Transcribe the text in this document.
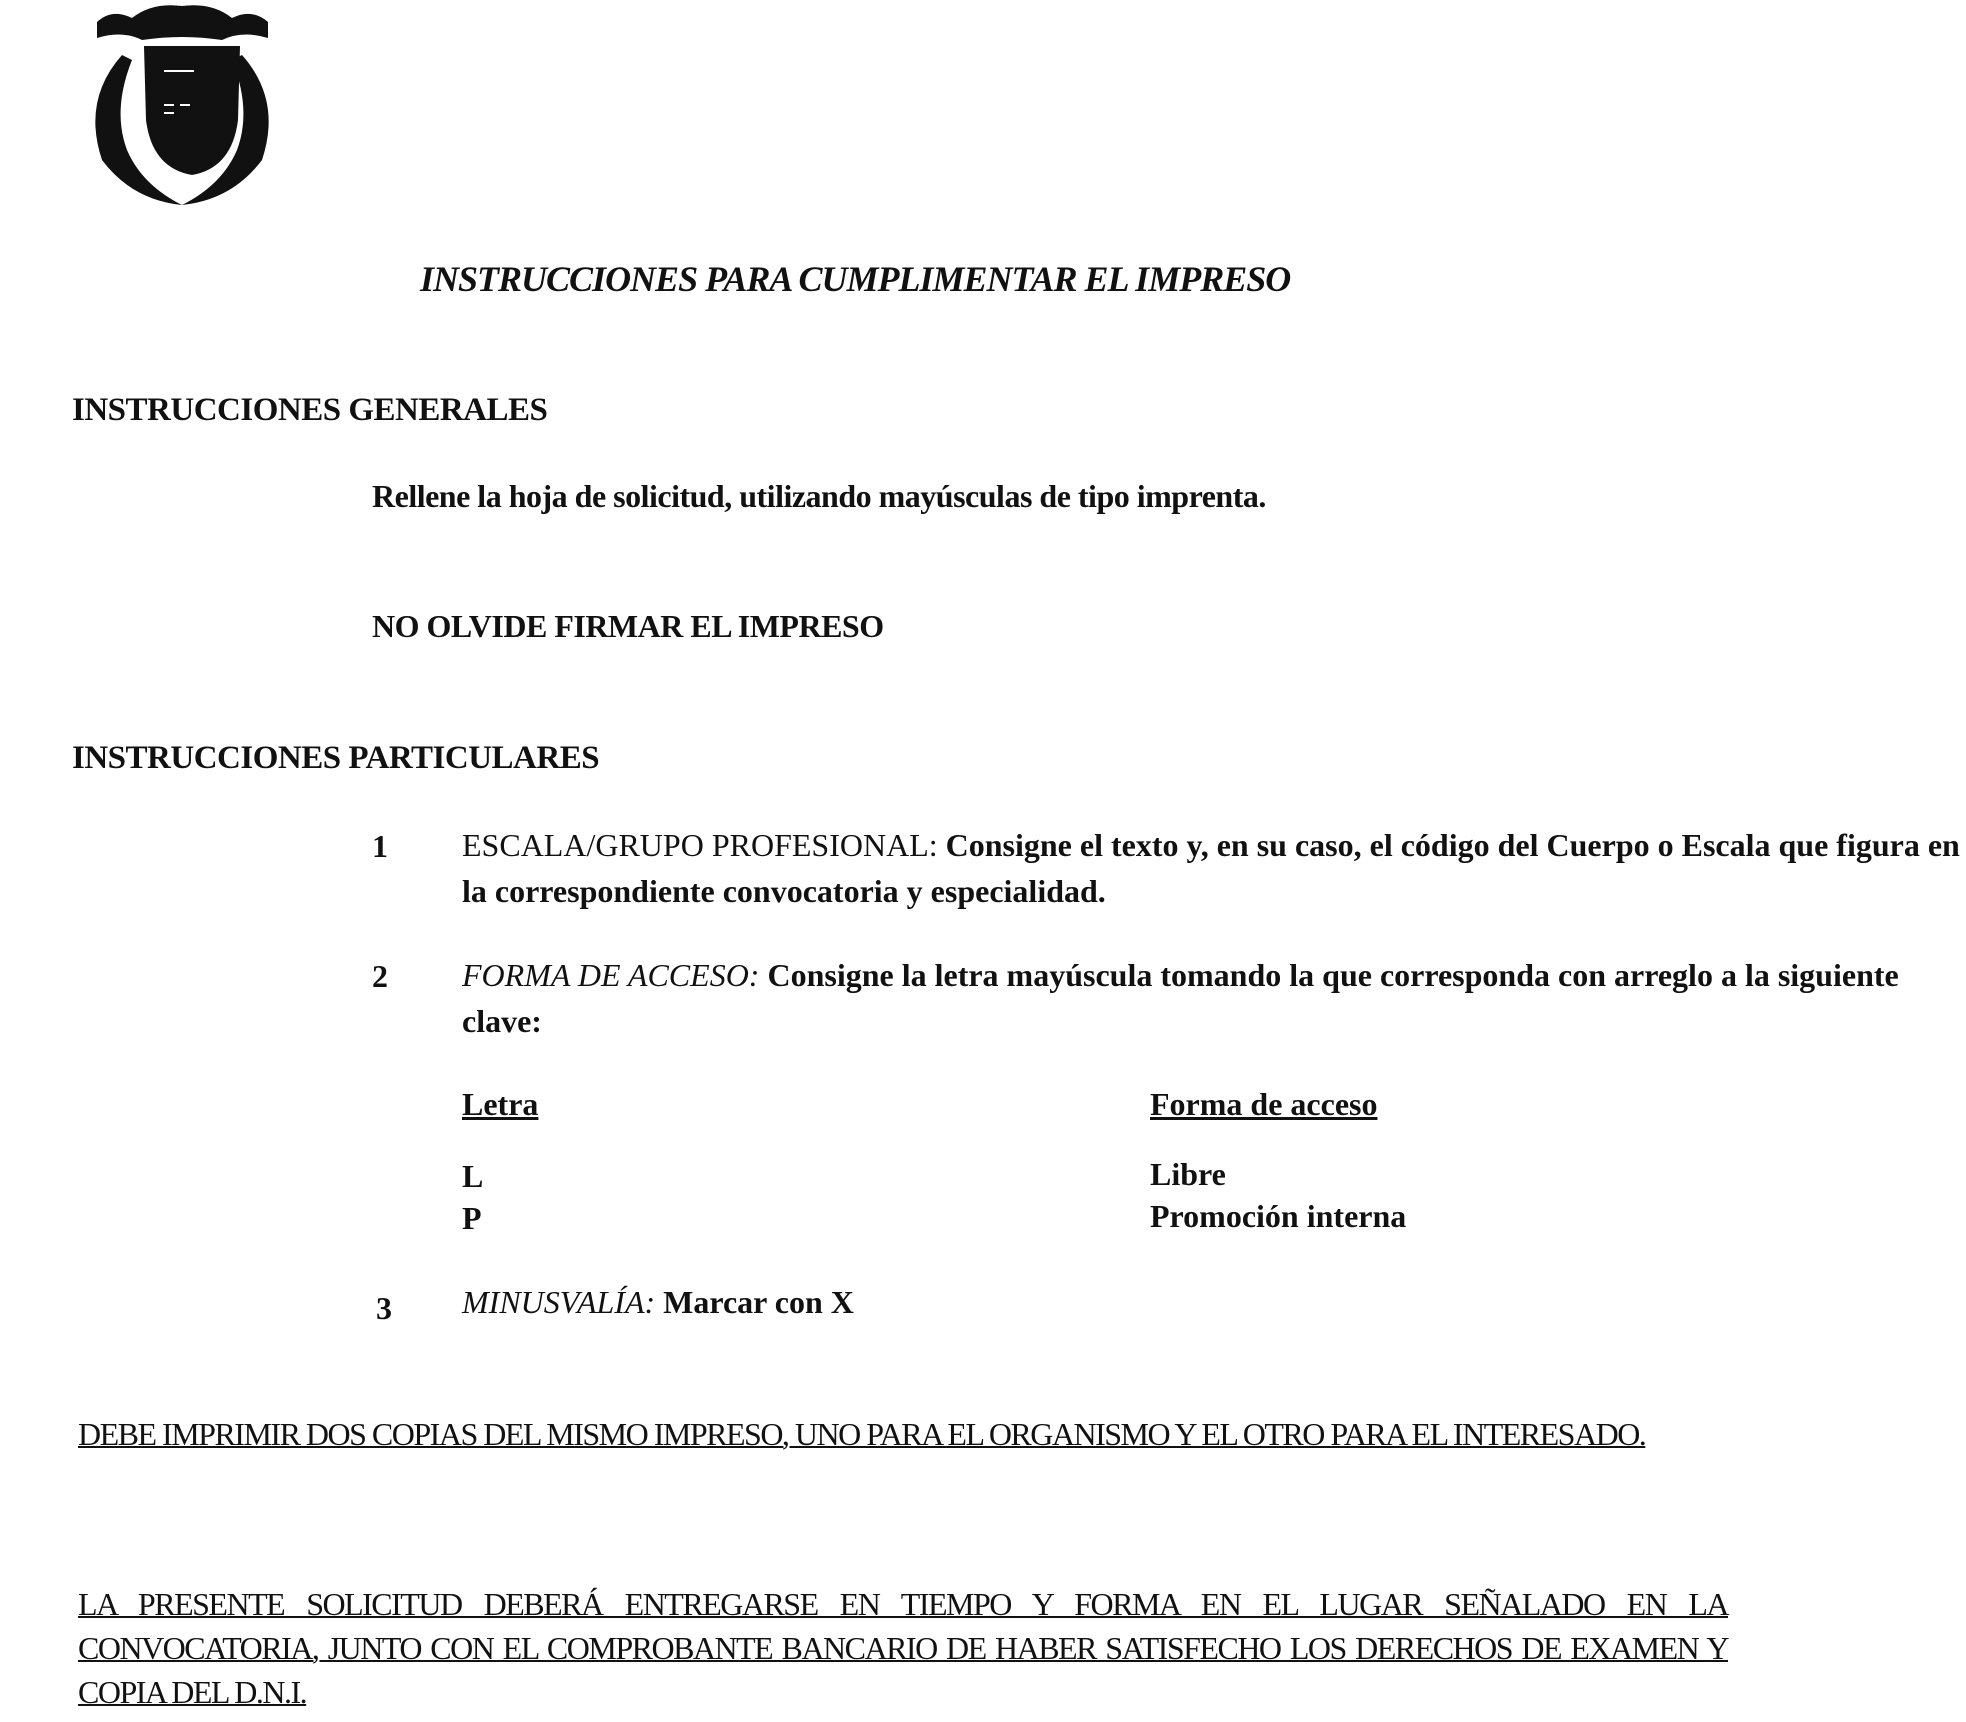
INSTRUCCIONES PARA CUMPLIMENTAR EL IMPRESO
INSTRUCCIONES GENERALES
Rellene la hoja de solicitud, utilizando mayúsculas de tipo imprenta.
NO OLVIDE FIRMAR EL IMPRESO
INSTRUCCIONES PARTICULARES
1 ESCALA/GRUPO PROFESIONAL: Consigne el texto y, en su caso, el código del Cuerpo o Escala que figura en la correspondiente convocatoria y especialidad.
2 FORMA DE ACCESO: Consigne la letra mayúscula tomando la que corresponda con arreglo a la siguiente clave:
Letra	Forma de acceso
L	Libre
P	Promoción interna
3 MINUSVALÍA: Marcar con X
DEBE IMPRIMIR DOS COPIAS DEL MISMO IMPRESO, UNO PARA EL ORGANISMO Y EL OTRO PARA EL INTERESADO.
LA PRESENTE SOLICITUD DEBERÁ ENTREGARSE EN TIEMPO Y FORMA EN EL LUGAR SEÑALADO EN LA CONVOCATORIA, JUNTO CON EL COMPROBANTE BANCARIO DE HABER SATISFECHO LOS DERECHOS DE EXAMEN Y COPIA DEL D.N.I.
